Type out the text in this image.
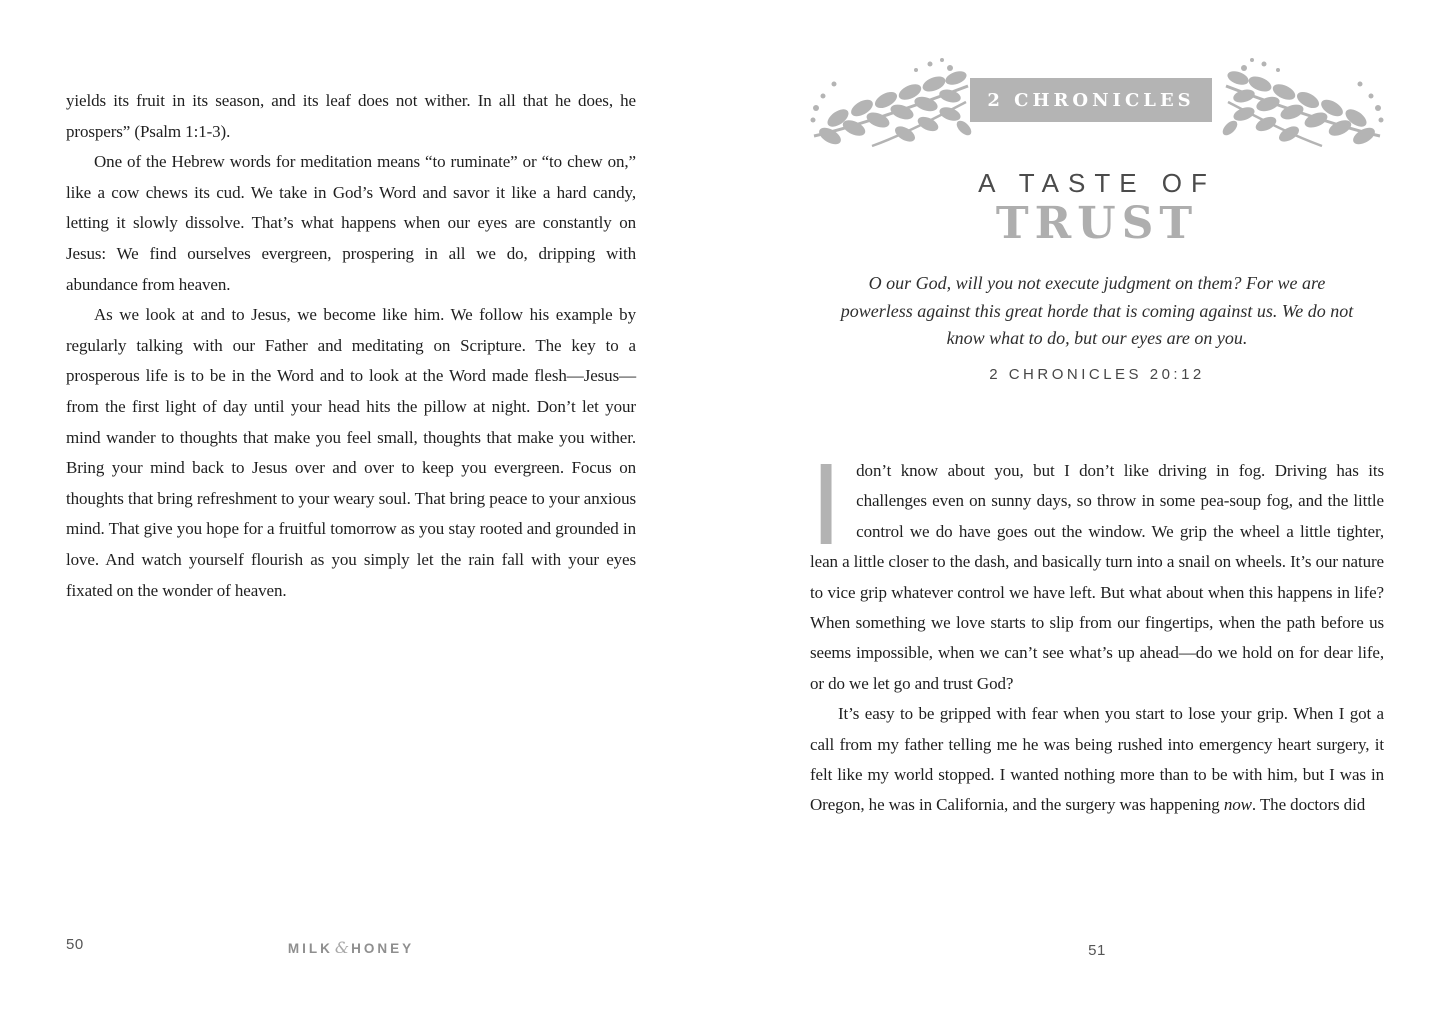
yields its fruit in its season, and its leaf does not wither. In all that he does, he prospers” (Psalm 1:1-3).

One of the Hebrew words for meditation means “to ruminate” or “to chew on,” like a cow chews its cud. We take in God’s Word and savor it like a hard candy, letting it slowly dissolve. That’s what happens when our eyes are constantly on Jesus: We find ourselves evergreen, prospering in all we do, dripping with abundance from heaven.

As we look at and to Jesus, we become like him. We follow his example by regularly talking with our Father and meditating on Scripture. The key to a prosperous life is to be in the Word and to look at the Word made flesh—Jesus—from the first light of day until your head hits the pillow at night. Don’t let your mind wander to thoughts that make you feel small, thoughts that make you wither. Bring your mind back to Jesus over and over to keep you evergreen. Focus on thoughts that bring refreshment to your weary soul. That bring peace to your anxious mind. That give you hope for a fruitful tomorrow as you stay rooted and grounded in love. And watch yourself flourish as you simply let the rain fall with your eyes fixated on the wonder of heaven.

50	MILK & HONEY
2 CHRONICLES
A TASTE OF
TRUST
O our God, will you not execute judgment on them? For we are powerless against this great horde that is coming against us. We do not know what to do, but our eyes are on you.
2 CHRONICLES 20:12

Idon’t know about you, but I don’t like driving in fog. Driving has its challenges even on sunny days, so throw in some pea-soup fog, and the little control we do have goes out the window. We grip the wheel a little tighter, lean a little closer to the dash, and basically turn into a snail on wheels. It’s our nature to vice grip whatever control we have left. But what about when this happens in life? When something we love starts to slip from our fingertips, when the path before us seems impossible, when we can’t see what’s up ahead—do we hold on for dear life, or do we let go and trust God?

It’s easy to be gripped with fear when you start to lose your grip. When I got a call from my father telling me he was being rushed into emergency heart surgery, it felt like my world stopped. I wanted nothing more than to be with him, but I was in Oregon, he was in California, and the surgery was happening now. The doctors did

51
